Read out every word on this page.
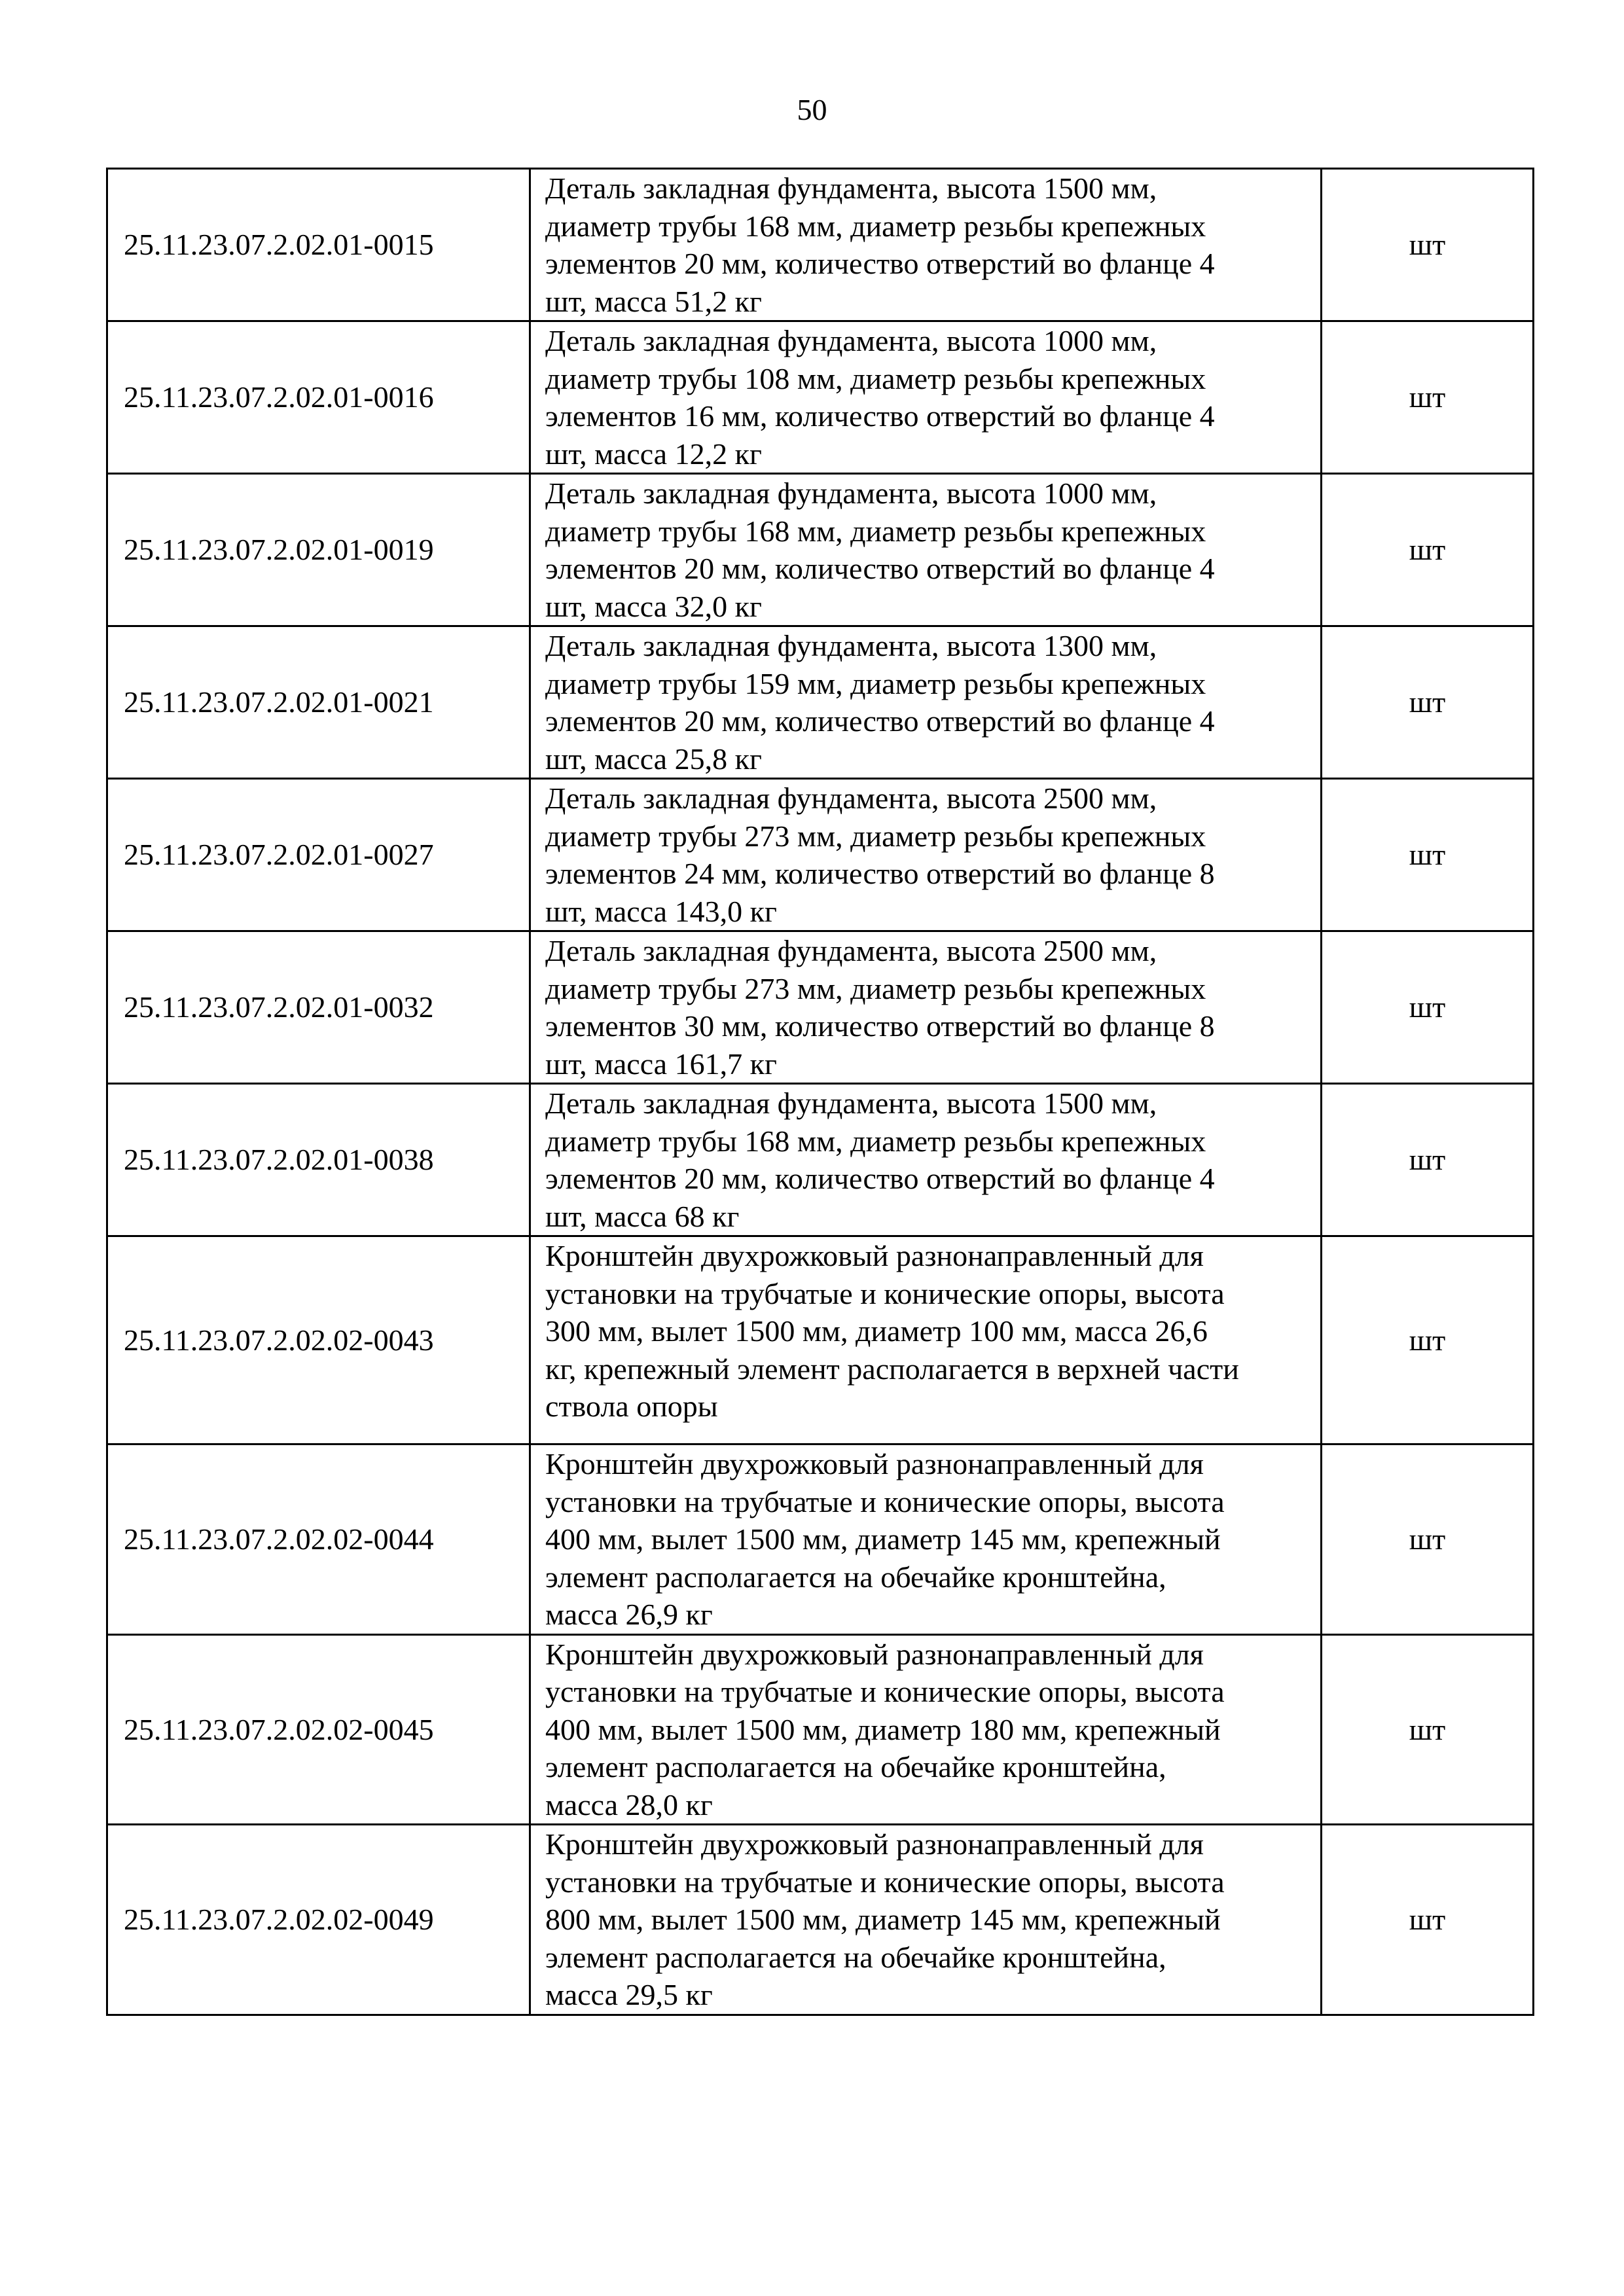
50
25.11.23.07.2.02.01-0015	Деталь закладная фундамента, высота 1500 мм,
диаметр трубы 168 мм, диаметр резьбы крепежных
элементов 20 мм, количество отверстий во фланце 4
шт, масса 51,2 кг	шт
25.11.23.07.2.02.01-0016	Деталь закладная фундамента, высота 1000 мм,
диаметр трубы 108 мм, диаметр резьбы крепежных
элементов 16 мм, количество отверстий во фланце 4
шт, масса 12,2 кг	шт
25.11.23.07.2.02.01-0019	Деталь закладная фундамента, высота 1000 мм,
диаметр трубы 168 мм, диаметр резьбы крепежных
элементов 20 мм, количество отверстий во фланце 4
шт, масса 32,0 кг	шт
25.11.23.07.2.02.01-0021	Деталь закладная фундамента, высота 1300 мм,
диаметр трубы 159 мм, диаметр резьбы крепежных
элементов 20 мм, количество отверстий во фланце 4
шт, масса 25,8 кг	шт
25.11.23.07.2.02.01-0027	Деталь закладная фундамента, высота 2500 мм,
диаметр трубы 273 мм, диаметр резьбы крепежных
элементов 24 мм, количество отверстий во фланце 8
шт, масса 143,0 кг	шт
25.11.23.07.2.02.01-0032	Деталь закладная фундамента, высота 2500 мм,
диаметр трубы 273 мм, диаметр резьбы крепежных
элементов 30 мм, количество отверстий во фланце 8
шт, масса 161,7 кг	шт
25.11.23.07.2.02.01-0038	Деталь закладная фундамента, высота 1500 мм,
диаметр трубы 168 мм, диаметр резьбы крепежных
элементов 20 мм, количество отверстий во фланце 4
шт, масса 68 кг	шт
25.11.23.07.2.02.02-0043	Кронштейн двухрожковый разнонаправленный для
установки на трубчатые и конические опоры, высота
300 мм, вылет 1500 мм, диаметр 100 мм, масса 26,6
кг, крепежный элемент располагается в верхней части
ствола опоры	шт
25.11.23.07.2.02.02-0044	Кронштейн двухрожковый разнонаправленный для
установки на трубчатые и конические опоры, высота
400 мм, вылет 1500 мм, диаметр 145 мм, крепежный
элемент располагается на обечайке кронштейна,
масса 26,9 кг	шт
25.11.23.07.2.02.02-0045	Кронштейн двухрожковый разнонаправленный для
установки на трубчатые и конические опоры, высота
400 мм, вылет 1500 мм, диаметр 180 мм, крепежный
элемент располагается на обечайке кронштейна,
масса 28,0 кг	шт
25.11.23.07.2.02.02-0049	Кронштейн двухрожковый разнонаправленный для
установки на трубчатые и конические опоры, высота
800 мм, вылет 1500 мм, диаметр 145 мм, крепежный
элемент располагается на обечайке кронштейна,
масса 29,5 кг	шт
